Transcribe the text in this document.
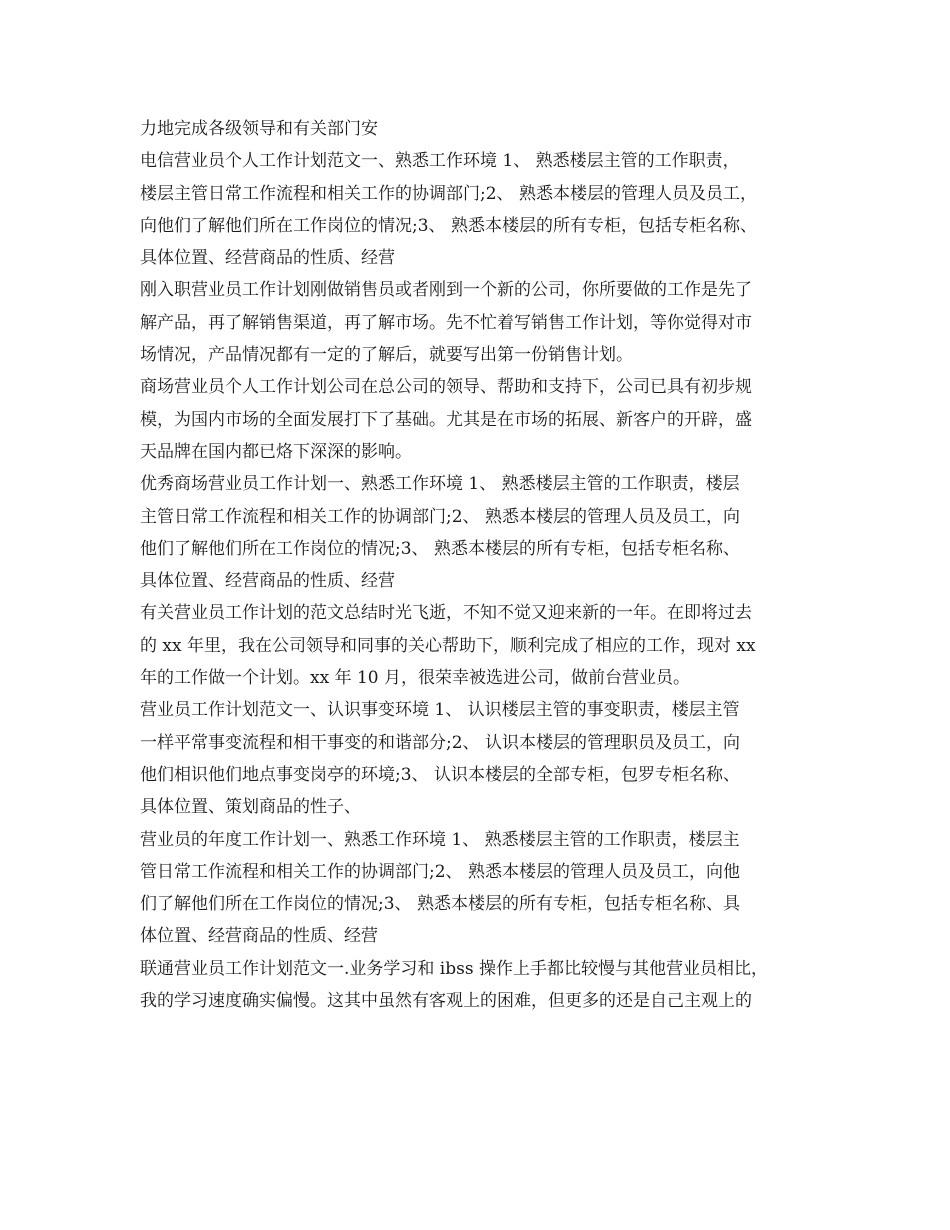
力地完成各级领导和有关部门安
电信营业员个人工作计划范文一、熟悉工作环境 1、 熟悉楼层主管的工作职责，
楼层主管日常工作流程和相关工作的协调部门;2、 熟悉本楼层的管理人员及员工，
向他们了解他们所在工作岗位的情况;3、 熟悉本楼层的所有专柜，包括专柜名称、
具体位置、经营商品的性质、经营
刚入职营业员工作计划刚做销售员或者刚到一个新的公司，你所要做的工作是先了
解产品，再了解销售渠道，再了解市场。先不忙着写销售工作计划，等你觉得对市
场情况，产品情况都有一定的了解后，就要写出第一份销售计划。
商场营业员个人工作计划公司在总公司的领导、帮助和支持下，公司已具有初步规
模，为国内市场的全面发展打下了基础。尤其是在市场的拓展、新客户的开辟，盛
天品牌在国内都已烙下深深的影响。
优秀商场营业员工作计划一、熟悉工作环境 1、 熟悉楼层主管的工作职责，楼层
主管日常工作流程和相关工作的协调部门;2、 熟悉本楼层的管理人员及员工，向
他们了解他们所在工作岗位的情况;3、 熟悉本楼层的所有专柜，包括专柜名称、
具体位置、经营商品的性质、经营
有关营业员工作计划的范文总结时光飞逝，不知不觉又迎来新的一年。在即将过去
的 xx 年里，我在公司领导和同事的关心帮助下，顺利完成了相应的工作，现对 xx
年的工作做一个计划。xx 年 10 月，很荣幸被选进公司，做前台营业员。
营业员工作计划范文一、认识事变环境 1、 认识楼层主管的事变职责，楼层主管
一样平常事变流程和相干事变的和谐部分;2、 认识本楼层的管理职员及员工，向
他们相识他们地点事变岗亭的环境;3、 认识本楼层的全部专柜，包罗专柜名称、
具体位置、策划商品的性子、
营业员的年度工作计划一、熟悉工作环境 1、 熟悉楼层主管的工作职责，楼层主
管日常工作流程和相关工作的协调部门;2、 熟悉本楼层的管理人员及员工，向他
们了解他们所在工作岗位的情况;3、 熟悉本楼层的所有专柜，包括专柜名称、具
体位置、经营商品的性质、经营
联通营业员工作计划范文一.业务学习和 ibss 操作上手都比较慢与其他营业员相比，
我的学习速度确实偏慢。这其中虽然有客观上的困难，但更多的还是自己主观上的
